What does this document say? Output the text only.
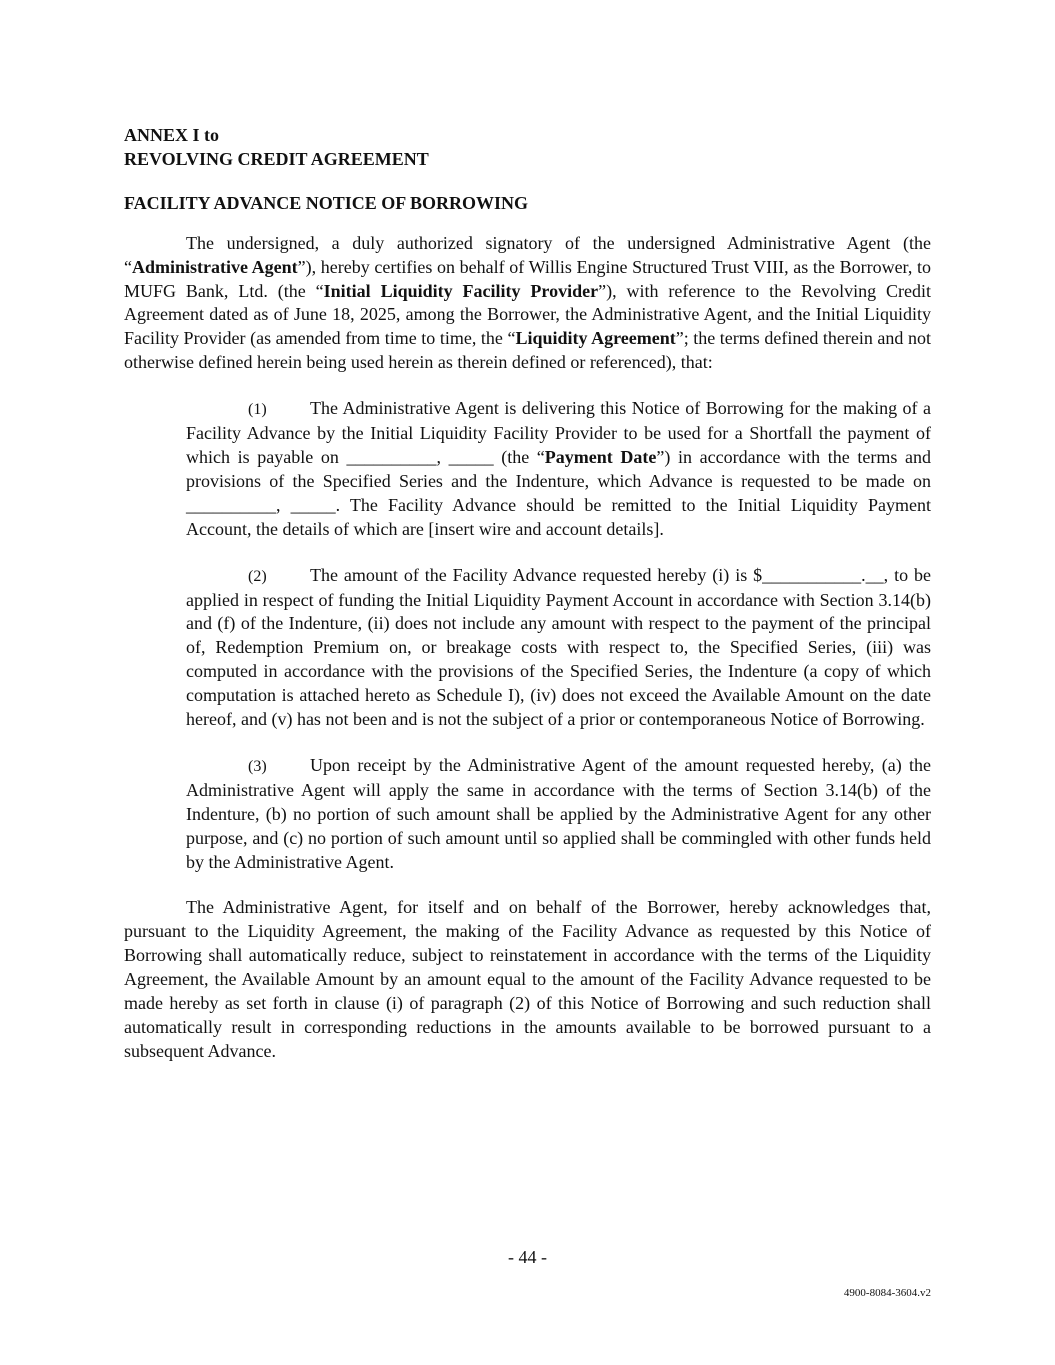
ANNEX I to

REVOLVING CREDIT AGREEMENT

FACILITY ADVANCE NOTICE OF BORROWING

The undersigned, a duly authorized signatory of the undersigned Administrative Agent (the “Administrative Agent”), hereby certifies on behalf of Willis Engine Structured Trust VIII, as the Borrower, to MUFG Bank, Ltd. (the “Initial Liquidity Facility Provider”), with reference to the Revolving Credit Agreement dated as of June 18, 2025, among the Borrower, the Administrative Agent, and the Initial Liquidity Facility Provider (as amended from time to time, the “Liquidity Agreement”; the terms defined therein and not otherwise defined herein being used herein as therein defined or referenced), that:

(1) The Administrative Agent is delivering this Notice of Borrowing for the making of a Facility Advance by the Initial Liquidity Facility Provider to be used for a Shortfall the payment of which is payable on __________, _____ (the “Payment Date”) in accordance with the terms and provisions of the Specified Series and the Indenture, which Advance is requested to be made on __________, _____. The Facility Advance should be remitted to the Initial Liquidity Payment Account, the details of which are [insert wire and account details].

(2) The amount of the Facility Advance requested hereby (i) is $___________.__, to be applied in respect of funding the Initial Liquidity Payment Account in accordance with Section 3.14(b) and (f) of the Indenture, (ii) does not include any amount with respect to the payment of the principal of, Redemption Premium on, or breakage costs with respect to, the Specified Series, (iii) was computed in accordance with the provisions of the Specified Series, the Indenture (a copy of which computation is attached hereto as Schedule I), (iv) does not exceed the Available Amount on the date hereof, and (v) has not been and is not the subject of a prior or contemporaneous Notice of Borrowing.

(3) Upon receipt by the Administrative Agent of the amount requested hereby, (a) the Administrative Agent will apply the same in accordance with the terms of Section 3.14(b) of the Indenture, (b) no portion of such amount shall be applied by the Administrative Agent for any other purpose, and (c) no portion of such amount until so applied shall be commingled with other funds held by the Administrative Agent.

The Administrative Agent, for itself and on behalf of the Borrower, hereby acknowledges that, pursuant to the Liquidity Agreement, the making of the Facility Advance as requested by this Notice of Borrowing shall automatically reduce, subject to reinstatement in accordance with the terms of the Liquidity Agreement, the Available Amount by an amount equal to the amount of the Facility Advance requested to be made hereby as set forth in clause (i) of paragraph (2) of this Notice of Borrowing and such reduction shall automatically result in corresponding reductions in the amounts available to be borrowed pursuant to a subsequent Advance.

- 44 -
4900-8084-3604.v2
